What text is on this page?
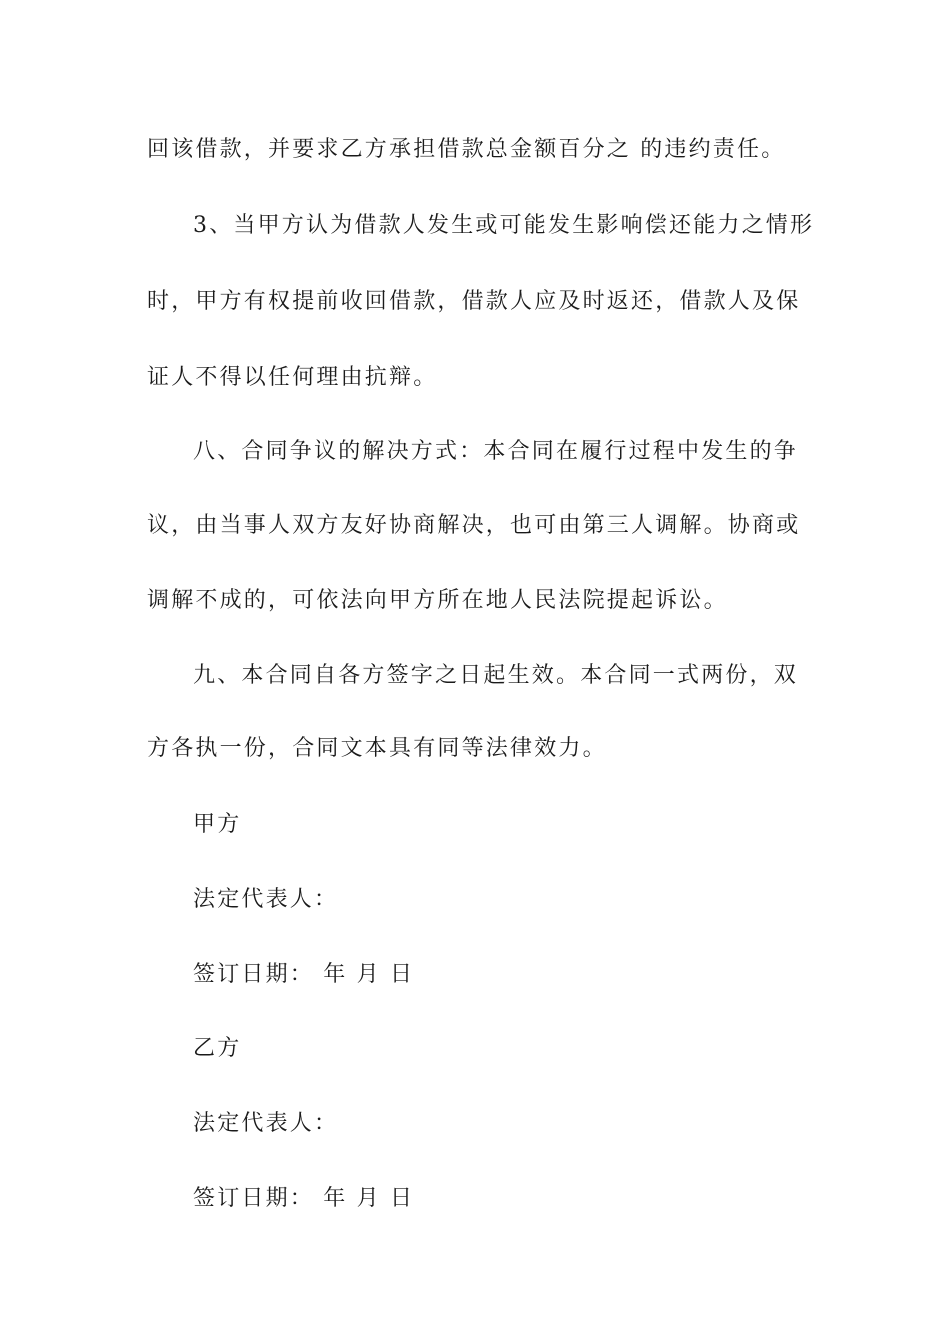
回该借款，并要求乙方承担借款总金额百分之 的违约责任。
3、当甲方认为借款人发生或可能发生影响偿还能力之情形
时，甲方有权提前收回借款，借款人应及时返还，借款人及保
证人不得以任何理由抗辩。
八、合同争议的解决方式：本合同在履行过程中发生的争
议，由当事人双方友好协商解决，也可由第三人调解。协商或
调解不成的，可依法向甲方所在地人民法院提起诉讼。
九、本合同自各方签字之日起生效。本合同一式两份，双
方各执一份，合同文本具有同等法律效力。
甲方
法定代表人：
签订日期： 年 月 日
乙方
法定代表人：
签订日期： 年 月 日
